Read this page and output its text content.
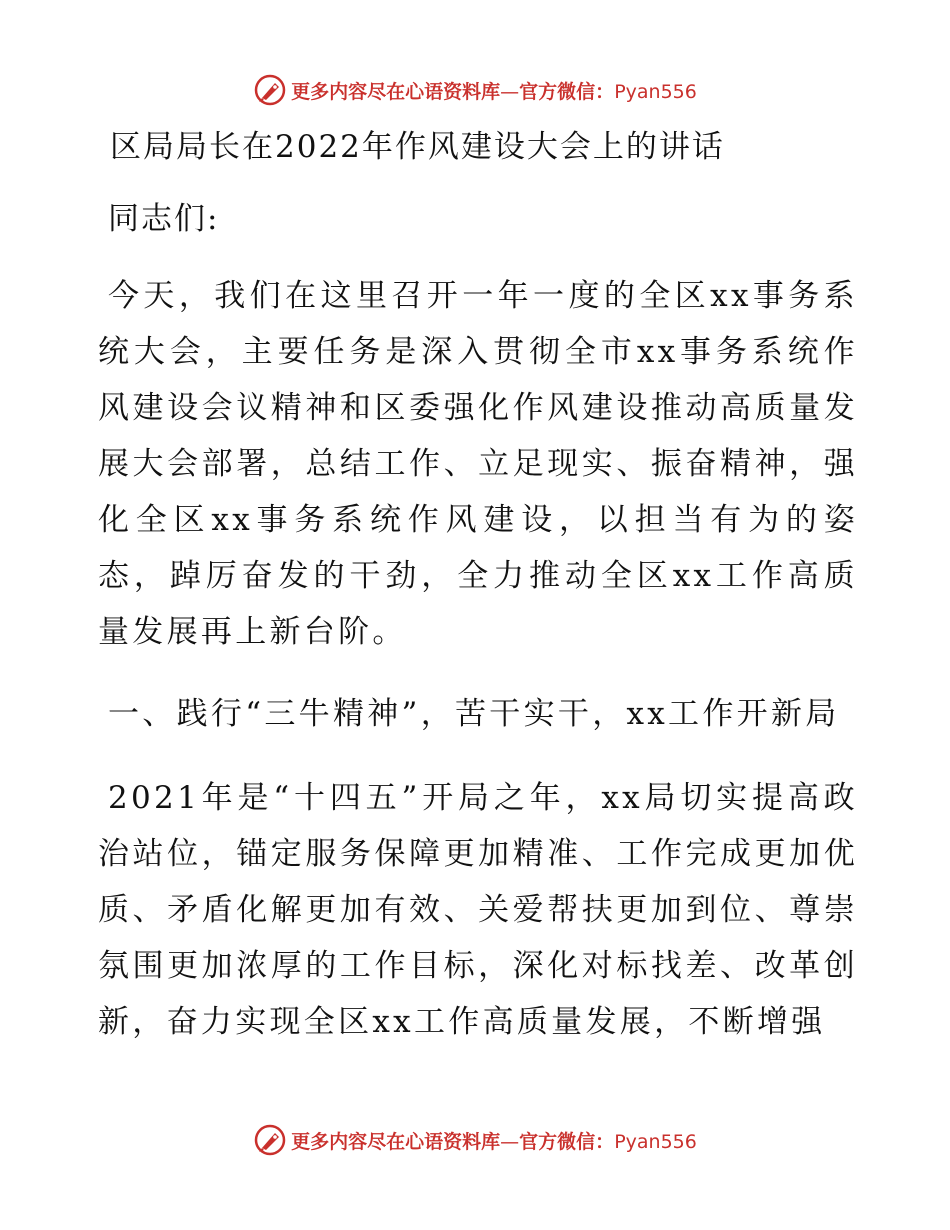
更多内容尽在心语资料库—官方微信：Pyan556
区局局长在2022年作风建设大会上的讲话
同志们:

今天，我们在这里召开一年一度的全区xx事务系统大会，主要任务是深入贯彻全市xx事务系统作风建设会议精神和区委强化作风建设推动高质量发展大会部署，总结工作、立足现实、振奋精神，强化全区xx事务系统作风建设，以担当有为的姿态，踔厉奋发的干劲，全力推动全区xx工作高质量发展再上新台阶。

一、践行“三牛精神”，苦干实干，xx工作开新局

2021年是“十四五”开局之年，xx局切实提高政治站位，锚定服务保障更加精准、工作完成更加优质、矛盾化解更加有效、关爱帮扶更加到位、尊崇氛围更加浓厚的工作目标，深化对标找差、改革创新，奋力实现全区xx工作高质量发展，不断增强

更多内容尽在心语资料库—官方微信：Pyan556
